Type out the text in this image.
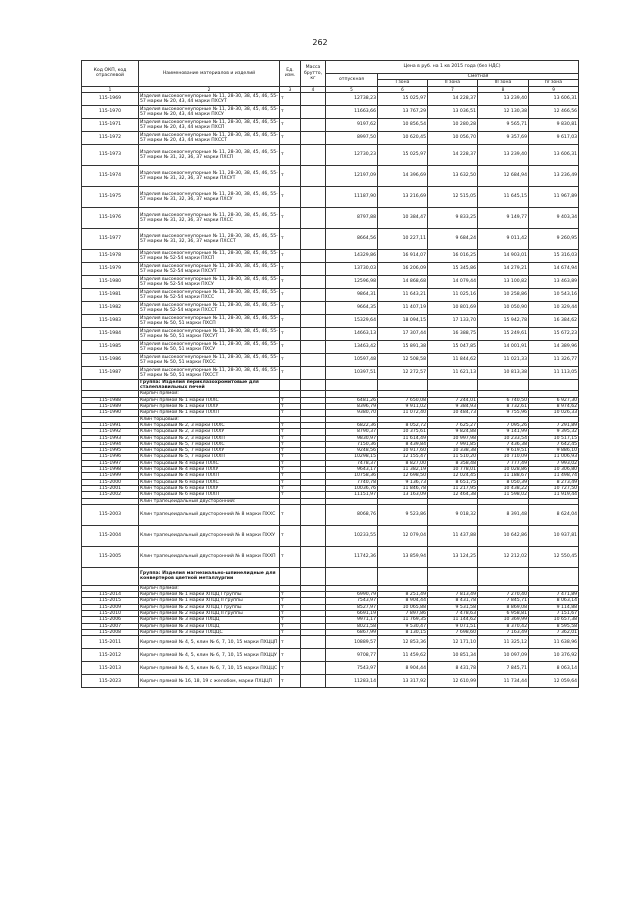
262
Код ОКП, код отраслевой	Наименование материалов и изделий	Ед. изм.	Масса брутто, кг	Цена в руб. на 1 кв 2015 года (без НДС)				
				отпускная	Сметная			
					I зона	II зона	III зона	IV зона
1	2	3	4	5	6	7	8	9
115-1969	Изделия высокоогнеупорные № 11, 28-30, 38, 45, 46, 55-57 марки № 20, 43, 44 марки ПХСУТ	т		12738,23	15 025,97	14 228,37	13 239,40	13 606,31
115-1970	Изделия высокоогнеупорные № 11, 28-30, 38, 45, 46, 55-57 марки № 20, 43, 44 марки ПХСУ	т		11663,66	13 767,29	13 036,51	12 130,38	12 466,56
115-1971	Изделия высокоогнеупорные № 11, 28-30, 38, 45, 46, 55-57 марки № 20, 43, 44 марки ПХСП	т		9197,62	10 856,54	10 280,28	9 565,71	9 830,81
115-1972	Изделия высокоогнеупорные № 11, 28-30, 38, 45, 46, 55-57 марки № 20, 43, 44 марки ПХССТ	т		8997,50	10 620,45	10 056,70	9 357,69	9 617,03
115-1973	Изделия высокоогнеупорные № 11, 28-30, 38, 45, 46, 55-57 марки № 31, 32, 36, 37 марки ПХСП	т		12730,23	15 025,97	14 228,37	13 239,40	13 606,31
115-1974	Изделия высокоогнеупорные № 11, 28-30, 38, 45, 46, 55-57 марки № 31, 32, 36, 37 марки ПХСУТ	т		12197,09	14 396,69	13 632,50	12 684,94	13 236,49
115-1975	Изделия высокоогнеупорные № 11, 28-30, 38, 45, 46, 55-57 марки № 31, 32, 36, 37 марки ПХСУ	т		11187,90	13 216,69	12 515,05	11 645,15	11 967,89
115-1976	Изделия высокоогнеупорные № 11, 28-30, 38, 45, 46, 55-57 марки № 31, 32, 36, 37 марки ПХСС	т		8797,88	10 384,47	9 833,25	9 149,77	9 403,34
115-1977	Изделия высокоогнеупорные № 11, 28-30, 38, 45, 46, 55-57 марки № 31, 32, 36, 37 марки ПХССТ	т		8664,56	10 227,11	9 684,24	9 011,42	9 260,95
115-1978	Изделия высокоогнеупорные № 11, 28-30, 38, 45, 46, 55-57 марки № 52-54 марки ПХСП	т		14329,86	16 914,07	16 016,25	14 903,01	15 316,03
115-1979	Изделия высокоогнеупорные № 11, 28-30, 38, 45, 46, 55-57 марки № 52-54 марки ПХСУТ	т		13730,03	16 206,09	15 345,86	14 279,21	14 674,94
115-1980	Изделия высокоогнеупорные № 11, 28-30, 38, 45, 46, 55-57 марки № 52-54 марки ПХСУ	т		12596,98	14 868,68	14 079,44	13 100,82	13 463,89
115-1981	Изделия высокоогнеупорные № 11, 28-30, 38, 45, 46, 55-57 марки № 52-54 марки ПХСС	т		9864,31	11 643,21	11 025,16	10 258,86	10 543,16
115-1982	Изделия высокоогнеупорные № 11, 28-30, 38, 45, 46, 55-57 марки № 52-54 марки ПХССТ	т		9664,35	11 407,19	10 801,69	10 050,90	10 329,44
115-1983	Изделия высокоогнеупорные № 11, 28-30, 38, 45, 46, 55-57 марки № 50, 51 марки ПХСП	т		15329,64	18 094,15	17 133,70	15 942,78	16 384,62
115-1984	Изделия высокоогнеупорные № 11, 28-30, 38, 45, 46, 55-57 марки № 50, 51 марки ПХСУТ	т		14663,13	17 307,44	16 388,75	15 249,61	15 672,23
115-1985	Изделия высокоогнеупорные № 11, 28-30, 38, 45, 46, 55-57 марки № 50, 51 марки ПХСУ	т		13463,42	15 891,38	15 047,85	14 001,91	14 389,96
115-1986	Изделия высокоогнеупорные № 11, 28-30, 38, 45, 46, 55-57 марки № 50, 51 марки ПХСС	т		10597,48	12 508,58	11 844,62	11 021,33	11 326,77
115-1987	Изделия высокоогнеупорные № 11, 28-30, 38, 45, 46, 55-57 марки № 50, 51 марки ПХССТ	т		10397,51	12 272,57	11 621,13	10 813,38	11 113,05
	Группа: Изделия периклазохромитовые для сталеплавильных печей							
	Кирпич прямой:							
115-1988	Кирпич прямой № 1 марки ПХХС	т		6481,26	7 650,08	7 244,01	6 740,50	6 927,30
115-1989	Кирпич прямой № 1 марки ПХХУ	т		8396,79	9 911,02	9 384,93	8 732,61	8 974,62
115-1990	Кирпич прямой № 1 марки ПХХП	т		9380,70	11 072,40	10 484,73	9 755,96	10 026,33
	Клин торцовый:							
115-1991	Клин торцовый № 2, 3 марки ПХХС	т		6822,36	8 052,72	7 625,27	7 095,26	7 291,89
115-1992	Клин торцовый № 2, 3 марки ПХХУ	т		8790,37	10 375,61	9 824,88	9 141,99	9 395,32
115-1993	Клин торцовый № 2, 3 марки ПХХП	т		9830,97	11 614,49	10 997,98	10 233,54	10 517,15
115-1994	Клин торцовый № 5, 7 марки ПХХС	т		7150,36	8 439,84	7 991,85	7 436,38	7 642,45
115-1995	Клин торцовый № 5, 7 марки ПХХУ	т		9248,56	10 917,60	10 338,38	9 619,51	9 886,10
115-1996	Клин торцовый № 5, 7 марки ПХХП	т		10298,15	12 155,47	11 510,20	10 710,09	11 006,93
115-1997	Клин торцовый № 4 марки ПХХС	т		7478,37	8 827,00	8 358,48	7 777,49	7 993,02
115-1998	Клин торцовый № 4 марки ПХХУ	т		9643,17	11 382,19	10 778,01	10 028,86	10 306,80
115-1999	Клин торцовый № 4 марки ПХХП	т		10758,36	12 698,50	12 024,45	11 188,67	11 498,74
115-2000	Клин торцовый № 6 марки ПХХС	т		7740,78	9 136,73	8 651,75	8 050,39	8 273,49
115-2001	Клин торцовый № 6 марки ПХХУ	т		10036,76	11 846,78	11 217,95	10 438,22	10 727,50
115-2002	Клин торцовый № 6 марки ПХХП	т		11151,97	13 163,09	12 464,38	11 598,02	11 919,44
	Клин трапецеидальный двусторонний:							
115-2003	Клин трапецеидальный двусторонний № 8 марки ПХХС	т		8068,76	9 523,86	9 018,32	8 391,48	8 624,04
115-2004	Клин трапецеидальный двусторонний № 8 марки ПХХУ	т		10233,55	12 079,04	11 437,88	10 642,86	10 937,81
115-2005	Клин трапецеидальный двусторонний № 8 марки ПХХП	т		11742,36	13 859,94	13 124,25	12 212,02	12 550,45
	Группа: Изделия магнезиально-шпинелидные для конвертеров цветной металлургии							
	Кирпич прямой:							
115-2014	Кирпич прямой № 1 марки ХПЦЦ I группы	т		6990,79	8 251,49	7 813,49	7 270,40	7 471,89
115-2015	Кирпич прямой № 1 марки ХПЦЦ II группы	т		7543,97	8 904,44	8 431,78	7 845,71	8 063,14
115-2009	Кирпич прямой № 2 марки ХПЦЦ I группы	т		8527,97	10 065,88	9 531,58	8 869,08	9 114,88
115-2010	Кирпич прямой № 2 марки ХПЦЦ II группы	т		6691,19	7 897,86	7 478,63	6 958,81	7 151,67
115-2006	Кирпич прямой № 3 марки ПХЦЦ	т		9971,17	11 769,35	11 144,62	10 369,99	10 657,38
115-2007	Кирпич прямой № 3 марки ПХЦЦ	т		8021,58	9 530,47	9 071,51	8 370,42	8 595,58
115-2008	Кирпич прямой № 3 марки ПХЦЦС	т		6867,99	8 130,15	7 698,60	7 163,49	7 362,01
115-2011	Кирпич прямой № 4, 5, клин № 6, 7, 10, 15 марки ПХЦЦП	т		10889,57	12 853,36	12 171,10	11 325,12	11 638,96
115-2012	Кирпич прямой № 4, 5, клин № 6, 7, 10, 15 марки ПХЦЦУ	т		9708,77	11 459,62	10 851,34	10 097,09	10 376,92
115-2013	Кирпич прямой № 4, 5, клин № 6, 7, 10, 15 марки ПХЦЦС	т		7543,97	8 904,44	8 431,78	7 845,71	8 063,14
115-2023	Кирпич прямой № 16, 18, 19 с желобом, марки ПХЦЦП	т		11283,14	13 317,92	12 610,99	11 734,44	12 059,64
